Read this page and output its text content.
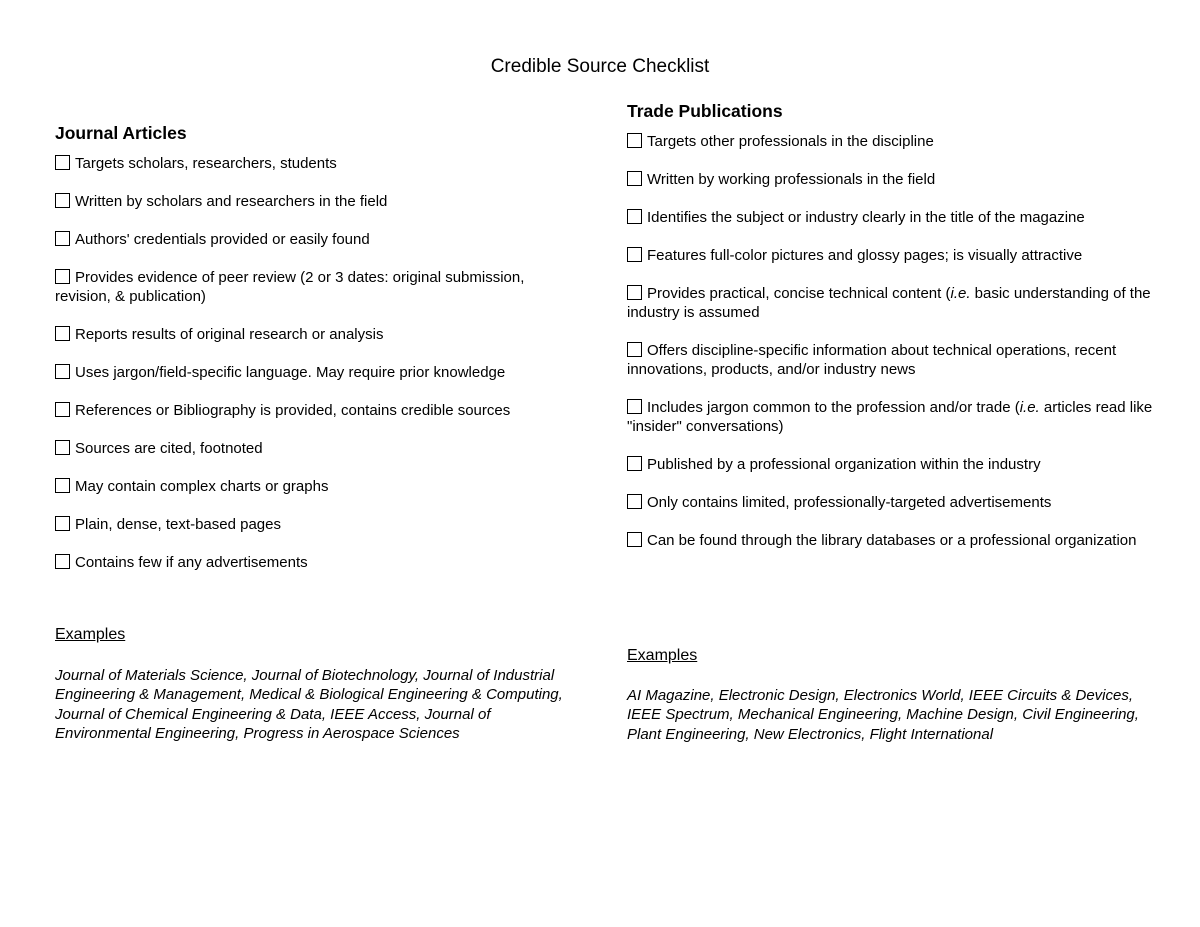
Credible Source Checklist
Journal Articles
Targets scholars, researchers, students
Written by scholars and researchers in the field
Authors' credentials provided or easily found
Provides evidence of peer review (2 or 3 dates: original submission, revision, & publication)
Reports results of original research or analysis
Uses jargon/field-specific language. May require prior knowledge
References or Bibliography is provided, contains credible sources
Sources are cited, footnoted
May contain complex charts or graphs
Plain, dense, text-based pages
Contains few if any advertisements
Examples
Journal of Materials Science, Journal of Biotechnology, Journal of Industrial Engineering & Management, Medical & Biological Engineering & Computing, Journal of Chemical Engineering & Data, IEEE Access, Journal of Environmental Engineering, Progress in Aerospace Sciences
Trade Publications
Targets other professionals in the discipline
Written by working professionals in the field
Identifies the subject or industry clearly in the title of the magazine
Features full-color pictures and glossy pages; is visually attractive
Provides practical, concise technical content (i.e. basic understanding of the industry is assumed
Offers discipline-specific information about technical operations, recent innovations, products, and/or industry news
Includes jargon common to the profession and/or trade (i.e. articles read like "insider" conversations)
Published by a professional organization within the industry
Only contains limited, professionally-targeted advertisements
Can be found through the library databases or a professional organization
Examples
AI Magazine, Electronic Design, Electronics World, IEEE Circuits & Devices, IEEE Spectrum, Mechanical Engineering, Machine Design, Civil Engineering, Plant Engineering, New Electronics, Flight International
